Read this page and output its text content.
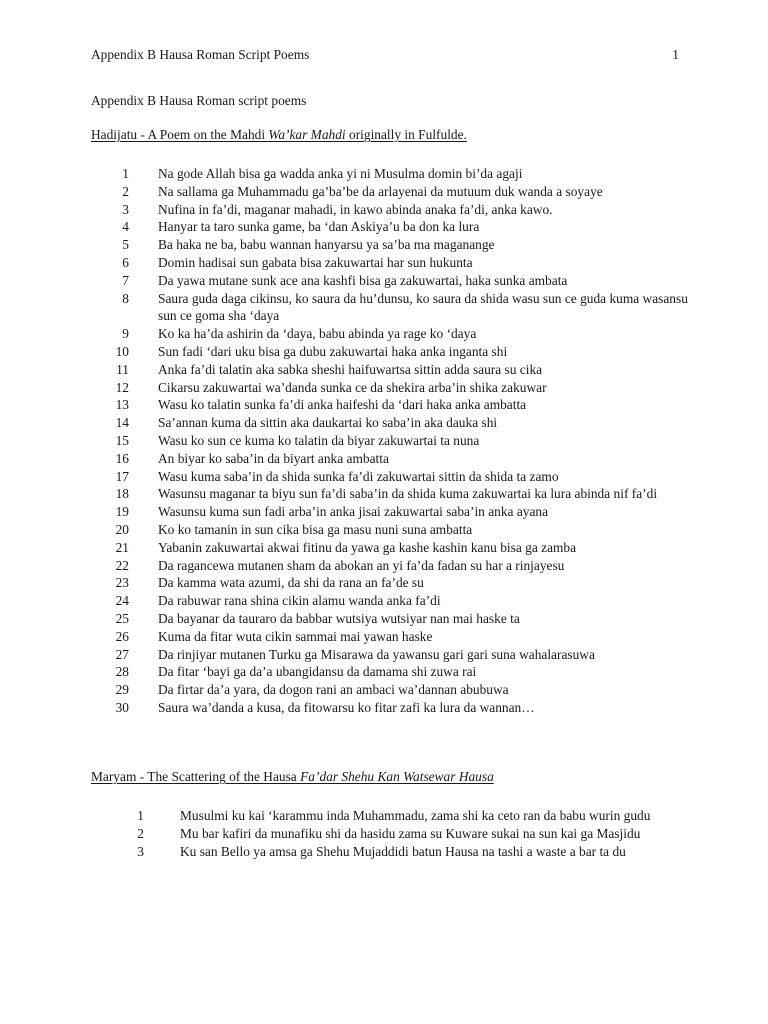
Appendix B Hausa Roman Script Poems	1
Appendix B Hausa Roman script poems
Hadijatu - A Poem on the Mahdi Wa’kar Mahdi originally in Fulfulde.
1 Na gode Allah bisa ga wadda anka yi ni Musulma domin bi’da agaji
2 Na sallama ga Muhammadu ga’ba’be da arlayenai da mutuum duk wanda a soyaye
3 Nufina in fa’di, maganar mahadi, in kawo abinda anaka fa’di, anka kawo.
4 Hanyar ta taro sunka game, ba ‘dan Askiya’u ba don ka lura
5 Ba haka ne ba, babu wannan hanyarsu ya sa’ba ma maganange
6 Domin hadisai sun gabata bisa zakuwartai har sun hukunta
7 Da yawa mutane sunk ace ana kashfi bisa ga zakuwartai, haka sunka ambata
8 Saura guda daga cikinsu, ko saura da hu’dunsu, ko saura da shida wasu sun ce guda kuma wasansu sun ce goma sha ‘daya
9 Ko ka ha’da ashirin da ‘daya, babu abinda ya rage ko ‘daya
10 Sun fadi ‘dari uku bisa ga dubu zakuwartai haka anka inganta shi
11 Anka fa’di talatin aka sabka sheshi haifuwartsa sittin adda saura su cika
12 Cikarsu zakuwartai wa’danda sunka ce da shekira arba’in shika zakuwar
13 Wasu ko talatin sunka fa’di anka haifeshi da ‘dari haka anka ambatta
14 Sa’annan kuma da sittin aka daukartai ko saba’in aka dauka shi
15 Wasu ko sun ce kuma ko talatin da biyar zakuwartai ta nuna
16 An biyar ko saba’in da biyart anka ambatta
17 Wasu kuma saba’in da shida sunka fa’di zakuwartai sittin da shida ta zamo
18 Wasunsu maganar ta biyu sun fa’di saba’in da shida kuma zakuwartai ka lura abinda nif fa’di
19 Wasunsu kuma sun fadi arba’in anka jisai zakuwartai saba’in anka ayana
20 Ko ko tamanin in sun cika bisa ga masu nuni suna ambatta
21 Yabanin zakuwartai akwai fitinu da yawa ga kashe kashin kanu bisa ga zamba
22 Da ragancewa mutanen sham da abokan an yi fa’da fadan su har a rinjayesu
23 Da kamma wata azumi, da shi da rana an fa’de su
24 Da rabuwar rana shina cikin alamu wanda anka fa’di
25 Da bayanar da tauraro da babbar wutsiya wutsiyar nan mai haske ta
26 Kuma da fitar wuta cikin sammai mai yawan haske
27 Da rinjiyar mutanen Turku ga Misarawa da yawansu gari gari suna wahalarasuwa
28 Da fitar ‘bayi ga da’a ubangidansu da damama shi zuwa rai
29 Da firtar da’a yara, da dogon rani an ambaci wa’dannan abubuwa
30 Saura wa’danda a kusa, da fitowarsu ko fitar zafi ka lura da wannan…
Maryam - The Scattering of the Hausa Fa’dar Shehu Kan Watsewar Hausa
1	Musulmi ku kai ‘karammu inda Muhammadu, zama shi ka ceto ran da babu wurin gudu
2	Mu bar kafiri da munafiku shi da hasidu zama su Kuware sukai na sun kai ga Masjidu
3	Ku san Bello ya amsa ga Shehu Mujaddidi batun Hausa na tashi a waste a bar ta du
